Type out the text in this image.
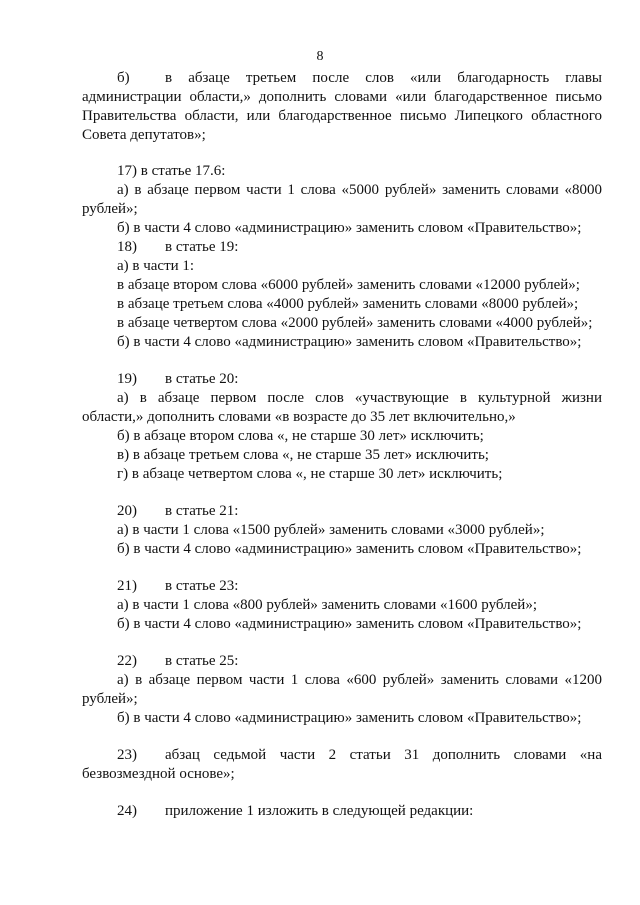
8
б) в абзаце третьем после слов «или благодарность главы
администрации области,» дополнить словами «или благодарственное письмо
Правительства области, или благодарственное письмо Липецкого областного
Совета депутатов»;
17) в статье 17.6:
а) в абзаце первом части 1 слова «5000 рублей» заменить словами «8000
рублей»;
б) в части 4 слово «администрацию» заменить словом «Правительство»;
18) в статье 19:
а) в части 1:
в абзаце втором слова «6000 рублей» заменить словами «12000 рублей»;
в абзаце третьем слова «4000 рублей» заменить словами «8000 рублей»;
в абзаце четвертом слова «2000 рублей» заменить словами «4000 рублей»;
б) в части 4 слово «администрацию» заменить словом «Правительство»;
19) в статье 20:
а) в абзаце первом после слов «участвующие в культурной жизни
области,» дополнить словами «в возрасте до 35 лет включительно,»
б) в абзаце втором слова «, не старше 30 лет» исключить;
в) в абзаце третьем слова «, не старше 35 лет» исключить;
г) в абзаце четвертом слова «, не старше 30 лет» исключить;
20) в статье 21:
а) в части 1 слова «1500 рублей» заменить словами «3000 рублей»;
б) в части 4 слово «администрацию» заменить словом «Правительство»;
21) в статье 23:
а) в части 1 слова «800 рублей» заменить словами «1600 рублей»;
б) в части 4 слово «администрацию» заменить словом «Правительство»;
22) в статье 25:
а) в абзаце первом части 1 слова «600 рублей» заменить словами «1200
рублей»;
б) в части 4 слово «администрацию» заменить словом «Правительство»;
23) абзац седьмой части 2 статьи 31 дополнить словами «на
безвозмездной основе»;
24) приложение 1 изложить в следующей редакции:
